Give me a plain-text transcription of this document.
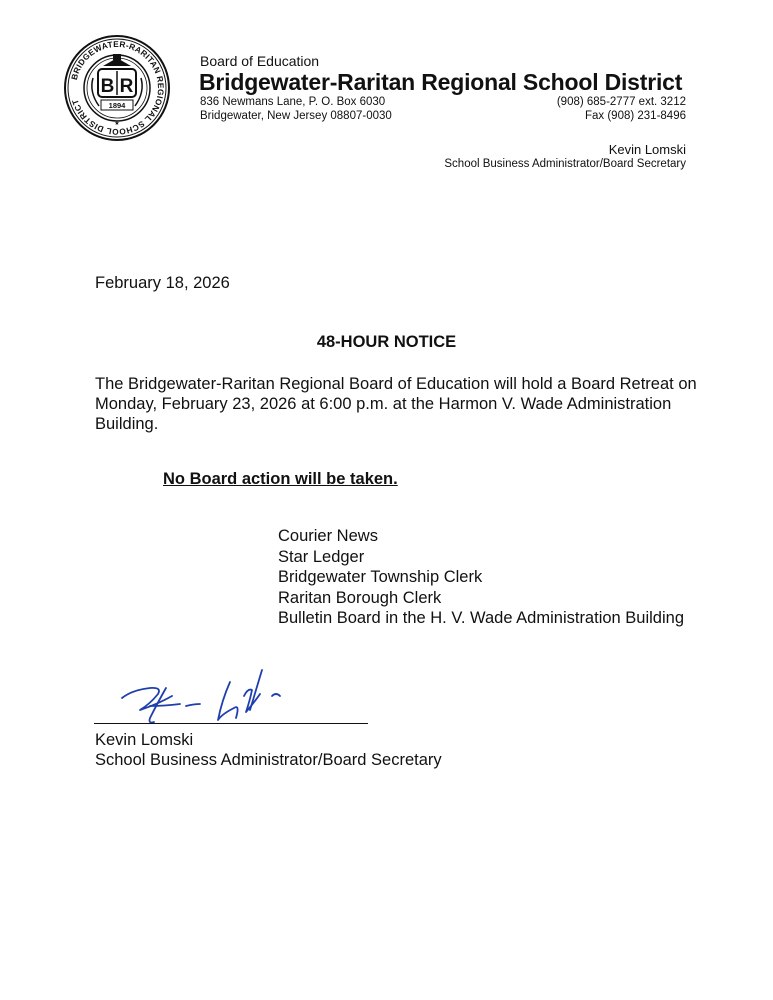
BRIDGEWATER-RARITAN REGIONAL SCHOOL DISTRICT
B R
1894
★
Board of Education
Bridgewater-Raritan Regional School District
836 Newmans Lane, P. O. Box 6030	(908) 685-2777 ext. 3212
Bridgewater, New Jersey 08807-0030	Fax (908) 231-8496
Kevin Lomski
School Business Administrator/Board Secretary
February 18, 2026
48-HOUR NOTICE
The Bridgewater-Raritan Regional Board of Education will hold a Board Retreat on Monday, February 23, 2026 at 6:00 p.m. at the Harmon V. Wade Administration Building.
No Board action will be taken.
Courier News
Star Ledger
Bridgewater Township Clerk
Raritan Borough Clerk
Bulletin Board in the H. V. Wade Administration Building
Kevin Lomski
School Business Administrator/Board Secretary
